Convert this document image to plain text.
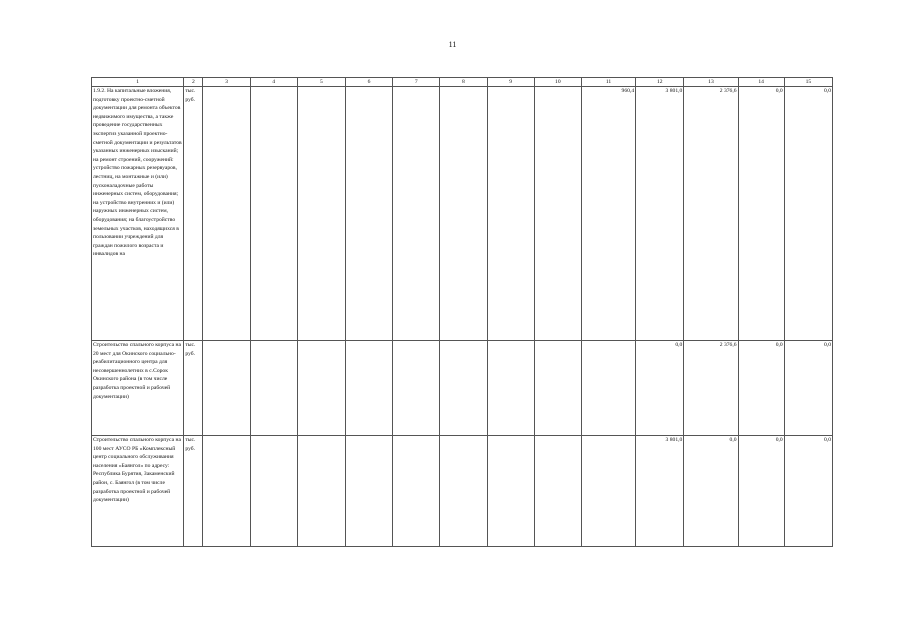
11
1	2	3	4	5	6	7	8	9	10	11	12	13	14	15
1.9.2. На капитальные вложения, подготовку проектно-сметной документации для ремонта объектов недвижимого имущества, а также проведение государственных экспертиз указанной проектно-сметной документации и результатов указанных инженерных изысканий; на ремонт строений, сооружений: устройство пожарных резервуаров, лестниц, на монтажные и (или) пусконаладочные работы инженерных систем, оборудования; на устройство внутренних и (или) наружных инженерных систем, оборудования; на благоустройство земельных участков, находящихся в пользовании учреждений для граждан пожилого возраста и инвалидов на	тыс. руб.									960,4	3 801,0	2 376,6	0,0	0,0
Строительство спального корпуса на 20 мест для Окинского социально-реабилитационного центра для несовершеннолетних в с.Сорок Окинского района (в том числе разработка проектной и рабочей документации)	тыс. руб.										0,0	2 376,6	0,0	0,0
Строительство спального корпуса на 100 мест АУСО РБ «Комплексный центр социального обслуживания населения «Баянгол» по адресу: Республика Бурятия, Закаменский район, с. Баянгол (в том числе разработка проектной и рабочей документации)	тыс. руб.										3 801,0	0,0	0,0	0,0
